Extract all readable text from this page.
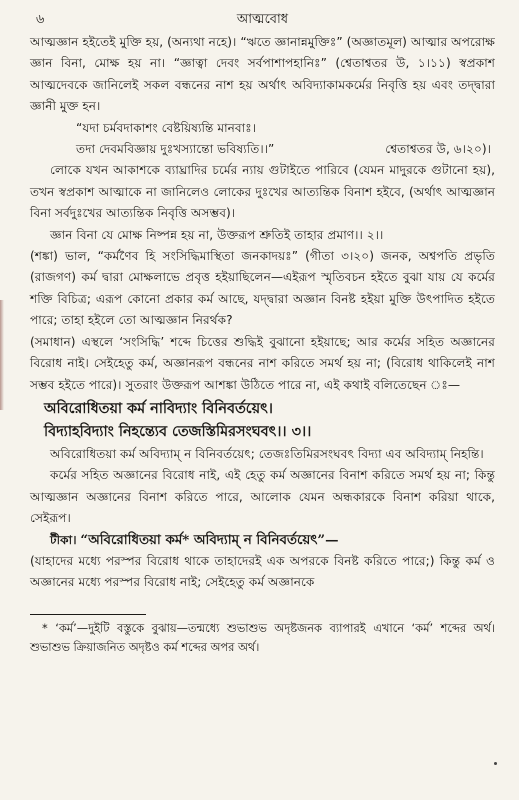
৬	আত্মবোধ

আত্মজ্ঞান হইতেই মুক্তি হয়, (অন্যথা নহে)। “ঋতে জ্ঞানান্নমুক্তিঃ” (অজ্ঞাতমূল) আত্মার অপরোক্ষ জ্ঞান বিনা, মোক্ষ হয় না। “জ্ঞাত্বা দেবং সর্বপাশাপহানিঃ” (শ্বেতাশ্বতর উ, ১।১১) স্বপ্রকাশ আত্মদেবকে জানিলেই সকল বন্ধনের নাশ হয় অর্থাৎ অবিদ্যাকামকর্মের নিবৃত্তি হয় এবং তদ্দ্বারা জ্ঞানী মুক্ত হন।

“যদা চর্মবদাকাশং বেষ্টয়িষ্যন্তি মানবাঃ।

তদা দেবমবিজ্ঞায় দুঃখস্যান্তো ভবিষ্যতি।।”	শ্বেতাশ্বতর উ, ৬।২০)।

লোকে যখন আকাশকে ব্যাঘ্রাদির চর্মের ন্যায় গুটাইতে পারিবে (যেমন মাদুরকে গুটানো হয়), তখন স্বপ্রকাশ আত্মাকে না জানিলেও লোকের দুঃখের আত্যন্তিক বিনাশ হইবে, (অর্থাৎ আত্মজ্ঞান বিনা সর্বদুঃখের আত্যন্তিক নিবৃত্তি অসম্ভব)।

জ্ঞান বিনা যে মোক্ষ নিষ্পন্ন হয় না, উক্তরূপ শ্রুতিই তাহার প্রমাণ।। ২।।

(শঙ্কা) ভাল, “কর্মণৈব হি সংসিদ্ধিমাস্থিতা জনকাদয়ঃ” (গীতা ৩।২০) জনক, অশ্বপতি প্রভৃতি (রাজগণ) কর্ম দ্বারা মোক্ষলাভে প্রবৃত্ত হইয়াছিলেন—এইরূপ স্মৃতিবচন হইতে বুঝা যায় যে কর্মের শক্তি বিচিত্র; এরূপ কোনো প্রকার কর্ম আছে, যদ্দ্বারা অজ্ঞান বিনষ্ট হইয়া মুক্তি উৎপাদিত হইতে পারে; তাহা হইলে তো আত্মজ্ঞান নিরর্থক?

(সমাধান) এস্থলে ‘সংসিদ্ধি’ শব্দে চিত্তের শুদ্ধিই বুঝানো হইয়াছে; আর কর্মের সহিত অজ্ঞানের বিরোধ নাই। সেইহেতু কর্ম, অজ্ঞানরূপ বন্ধনের নাশ করিতে সমর্থ হয় না; (বিরোধ থাকিলেই নাশ সম্ভব হইতে পারে)। সুতরাং উক্তরূপ আশঙ্কা উঠিতে পারে না, এই কথাই বলিতেছেন ঃ—

অবিরোধিতয়া কর্ম নাবিদ্যাং বিনিবর্তয়েৎ।

বিদ্যাহবিদ্যাং নিহন্ত্যেব তেজস্তিমিরসংঘবৎ।। ৩।।

অবিরোধিতয়া কর্ম অবিদ্যাম্ ন বিনিবর্তয়েৎ; তেজঃতিমিরসংঘবৎ বিদ্যা এব অবিদ্যাম্ নিহন্তি।

কর্মের সহিত অজ্ঞানের বিরোধ নাই, এই হেতু কর্ম অজ্ঞানের বিনাশ করিতে সমর্থ হয় না; কিন্তু আত্মজ্ঞান অজ্ঞানের বিনাশ করিতে পারে, আলোক যেমন অন্ধকারকে বিনাশ করিয়া থাকে, সেইরূপ।

টীকা। “অবিরোধিতয়া কর্ম* অবিদ্যাম্ ন বিনিবর্তয়েৎ”—

(যাহাদের মধ্যে পরস্পর বিরোধ থাকে তাহাদেরই এক অপরকে বিনষ্ট করিতে পারে;) কিন্তু কর্ম ও অজ্ঞানের মধ্যে পরস্পর বিরোধ নাই; সেইহেতু কর্ম অজ্ঞানকে

* ‘কর্ম’—দুইটি বস্তুকে বুঝায়—তন্মধ্যে শুভাশুভ অদৃষ্টজনক ব্যাপারই এখানে ‘কর্ম’ শব্দের অর্থ। শুভাশুভ ক্রিয়াজনিত অদৃষ্টও কর্ম শব্দের অপর অর্থ।
